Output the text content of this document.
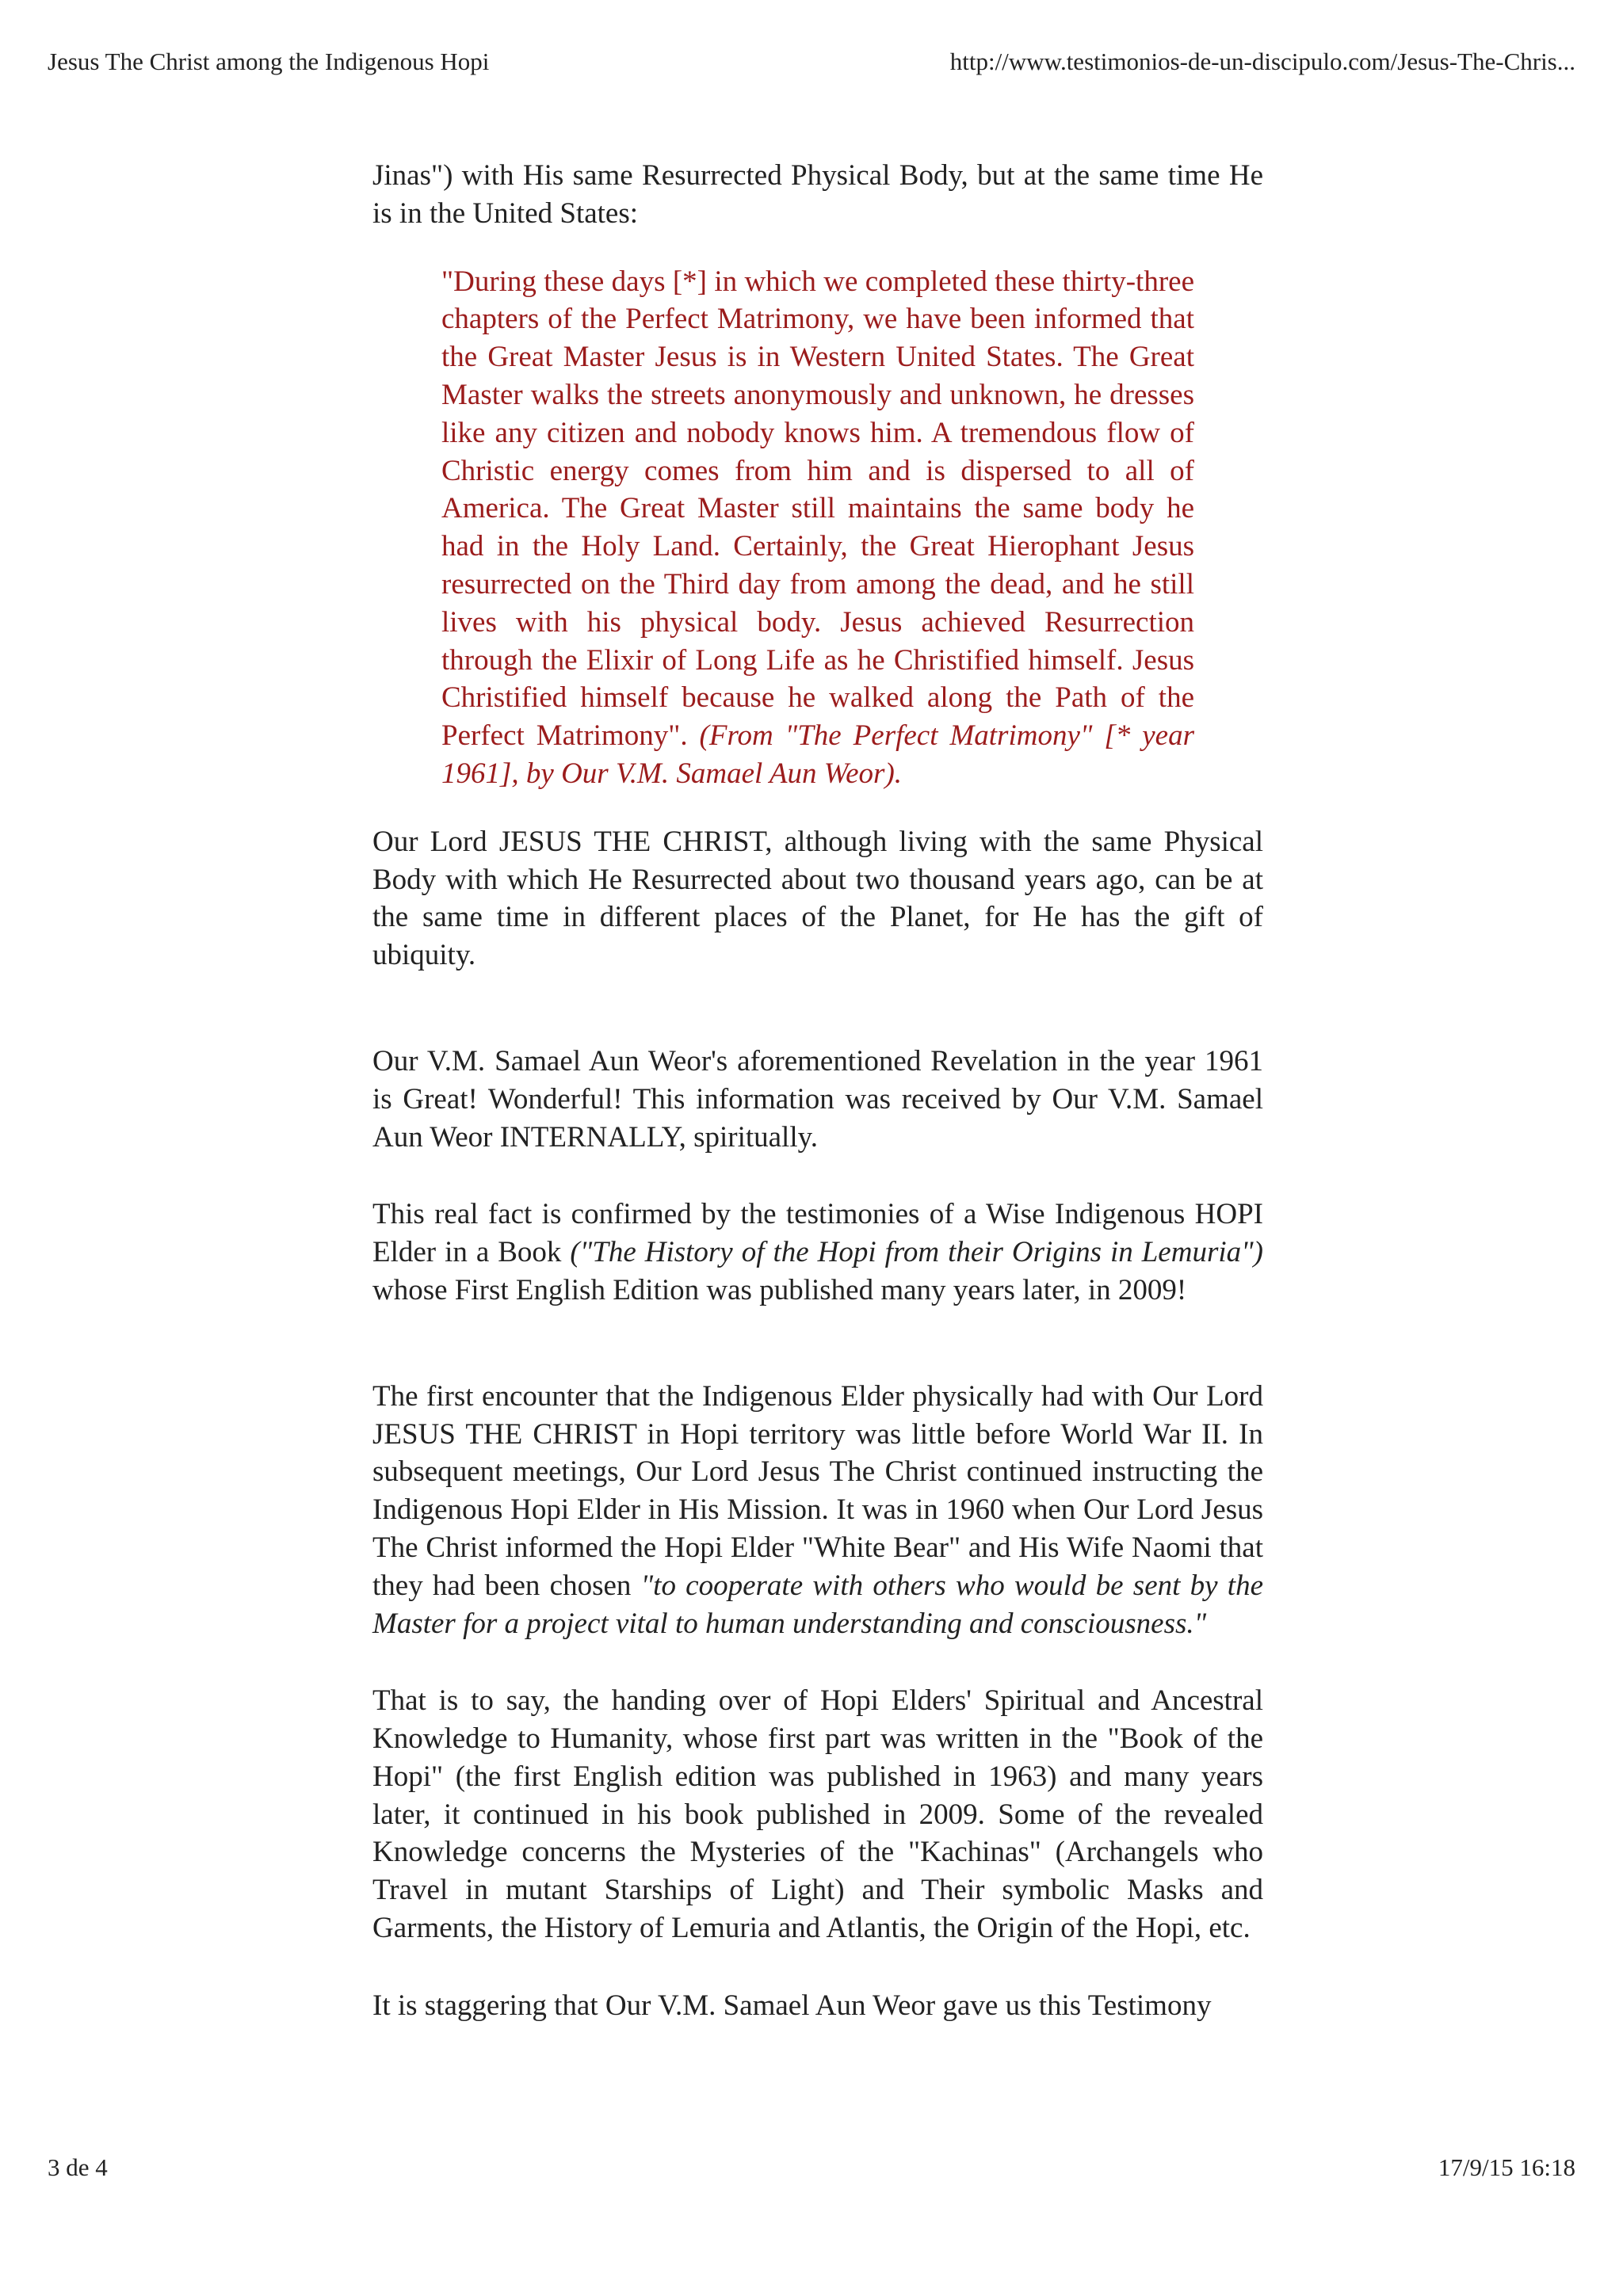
Jesus The Christ among the Indigenous Hopi	http://www.testimonios-de-un-discipulo.com/Jesus-The-Chris...

Jinas") with His same Resurrected Physical Body, but at the same time He is in the United States:

"During these days [*] in which we completed these thirty-three chapters of the Perfect Matrimony, we have been informed that the Great Master Jesus is in Western United States. The Great Master walks the streets anonymously and unknown, he dresses like any citizen and nobody knows him. A tremendous flow of Christic energy comes from him and is dispersed to all of America. The Great Master still maintains the same body he had in the Holy Land. Certainly, the Great Hierophant Jesus resurrected on the Third day from among the dead, and he still lives with his physical body. Jesus achieved Resurrection through the Elixir of Long Life as he Christified himself. Jesus Christified himself because he walked along the Path of the Perfect Matrimony". (From "The Perfect Matrimony" [* year 1961], by Our V.M. Samael Aun Weor).

Our Lord JESUS THE CHRIST, although living with the same Physical Body with which He Resurrected about two thousand years ago, can be at the same time in different places of the Planet, for He has the gift of ubiquity.

Our V.M. Samael Aun Weor's aforementioned Revelation in the year 1961 is Great! Wonderful! This information was received by Our V.M. Samael Aun Weor INTERNALLY, spiritually.

This real fact is confirmed by the testimonies of a Wise Indigenous HOPI Elder in a Book ("The History of the Hopi from their Origins in Lemuria") whose First English Edition was published many years later, in 2009!

The first encounter that the Indigenous Elder physically had with Our Lord JESUS THE CHRIST in Hopi territory was little before World War II. In subsequent meetings, Our Lord Jesus The Christ continued instructing the Indigenous Hopi Elder in His Mission. It was in 1960 when Our Lord Jesus The Christ informed the Hopi Elder "White Bear" and His Wife Naomi that they had been chosen "to cooperate with others who would be sent by the Master for a project vital to human understanding and consciousness."

That is to say, the handing over of Hopi Elders' Spiritual and Ancestral Knowledge to Humanity, whose first part was written in the "Book of the Hopi" (the first English edition was published in 1963) and many years later, it continued in his book published in 2009. Some of the revealed Knowledge concerns the Mysteries of the "Kachinas" (Archangels who Travel in mutant Starships of Light) and Their symbolic Masks and Garments, the History of Lemuria and Atlantis, the Origin of the Hopi, etc.

It is staggering that Our V.M. Samael Aun Weor gave us this Testimony

3 de 4	17/9/15 16:18
